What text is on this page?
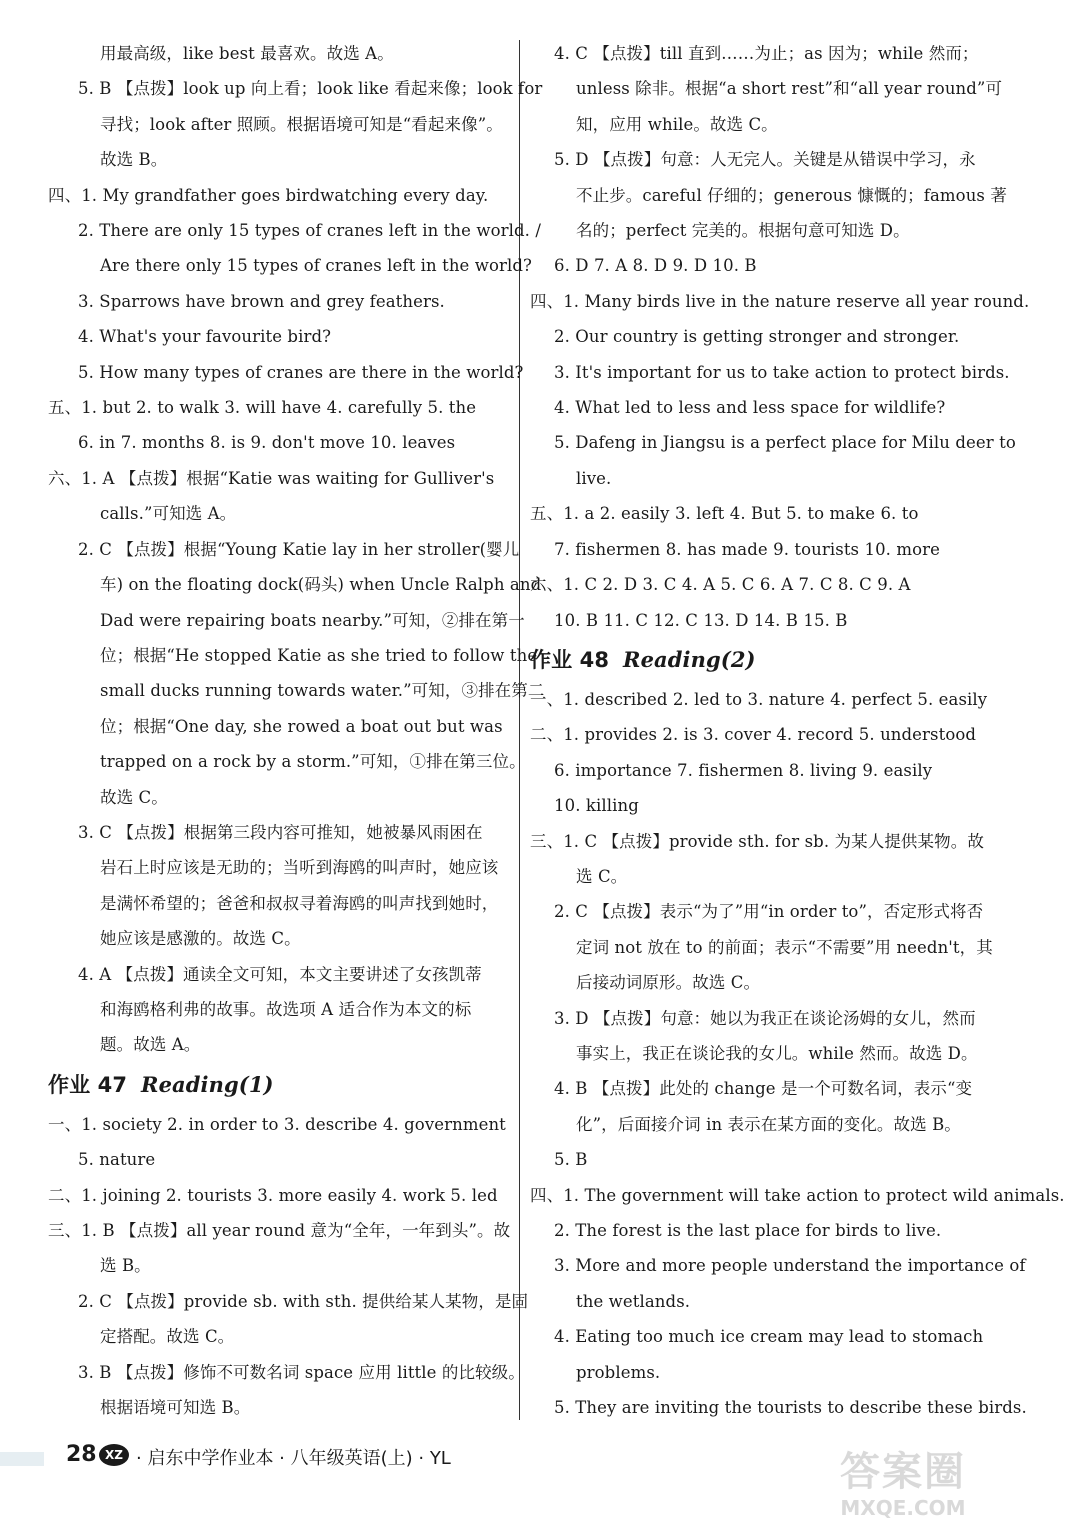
用最高级，like best 最喜欢。故选 A。
5. B 【点拨】look up 向上看；look like 看起来像；look for
寻找；look after 照顾。根据语境可知是“看起来像”。
故选 B。
四、1. My grandfather goes birdwatching every day.
2. There are only 15 types of cranes left in the world. /
Are there only 15 types of cranes left in the world?
3. Sparrows have brown and grey feathers.
4. What's your favourite bird?
5. How many types of cranes are there in the world?
五、1. but 2. to walk 3. will have 4. carefully 5. the
6. in 7. months 8. is 9. don't move 10. leaves
六、1. A 【点拨】根据“Katie was waiting for Gulliver's
calls.”可知选 A。
2. C 【点拨】根据“Young Katie lay in her stroller(婴儿
车) on the floating dock(码头) when Uncle Ralph and
Dad were repairing boats nearby.”可知，②排在第一
位；根据“He stopped Katie as she tried to follow the
small ducks running towards water.”可知，③排在第二
位；根据“One day, she rowed a boat out but was
trapped on a rock by a storm.”可知，①排在第三位。
故选 C。
3. C 【点拨】根据第三段内容可推知，她被暴风雨困在
岩石上时应该是无助的；当听到海鸥的叫声时，她应该
是满怀希望的；爸爸和叔叔寻着海鸥的叫声找到她时，
她应该是感激的。故选 C。
4. A 【点拨】通读全文可知，本文主要讲述了女孩凯蒂
和海鸥格利弗的故事。故选项 A 适合作为本文的标
题。故选 A。
作业 47 Reading(1)
一、1. society 2. in order to 3. describe 4. government
5. nature
二、1. joining 2. tourists 3. more easily 4. work 5. led
三、1. B 【点拨】all year round 意为“全年，一年到头”。故
选 B。
2. C 【点拨】provide sb. with sth. 提供给某人某物，是固
定搭配。故选 C。
3. B 【点拨】修饰不可数名词 space 应用 little 的比较级。
根据语境可知选 B。
4. C 【点拨】till 直到……为止；as 因为；while 然而；
unless 除非。根据“a short rest”和“all year round”可
知，应用 while。故选 C。
5. D 【点拨】句意：人无完人。关键是从错误中学习，永
不止步。careful 仔细的；generous 慷慨的；famous 著
名的；perfect 完美的。根据句意可知选 D。
6. D 7. A 8. D 9. D 10. B
四、1. Many birds live in the nature reserve all year round.
2. Our country is getting stronger and stronger.
3. It's important for us to take action to protect birds.
4. What led to less and less space for wildlife?
5. Dafeng in Jiangsu is a perfect place for Milu deer to
live.
五、1. a 2. easily 3. left 4. But 5. to make 6. to
7. fishermen 8. has made 9. tourists 10. more
六、1. C 2. D 3. C 4. A 5. C 6. A 7. C 8. C 9. A
10. B 11. C 12. C 13. D 14. B 15. B
作业 48 Reading(2)
一、1. described 2. led to 3. nature 4. perfect 5. easily
二、1. provides 2. is 3. cover 4. record 5. understood
6. importance 7. fishermen 8. living 9. easily
10. killing
三、1. C 【点拨】provide sth. for sb. 为某人提供某物。故
选 C。
2. C 【点拨】表示“为了”用“in order to”，否定形式将否
定词 not 放在 to 的前面；表示“不需要”用 needn't，其
后接动词原形。故选 C。
3. D 【点拨】句意：她以为我正在谈论汤姆的女儿，然而
事实上，我正在谈论我的女儿。while 然而。故选 D。
4. B 【点拨】此处的 change 是一个可数名词，表示“变
化”，后面接介词 in 表示在某方面的变化。故选 B。
5. B
四、1. The government will take action to protect wild animals.
2. The forest is the last place for birds to live.
3. More and more people understand the importance of
the wetlands.
4. Eating too much ice cream may lead to stomach
problems.
5. They are inviting the tourists to describe these birds.
28 XZ · 启东中学作业本 · 八年级英语(上) · YL	答案圈
MXQE.COM
